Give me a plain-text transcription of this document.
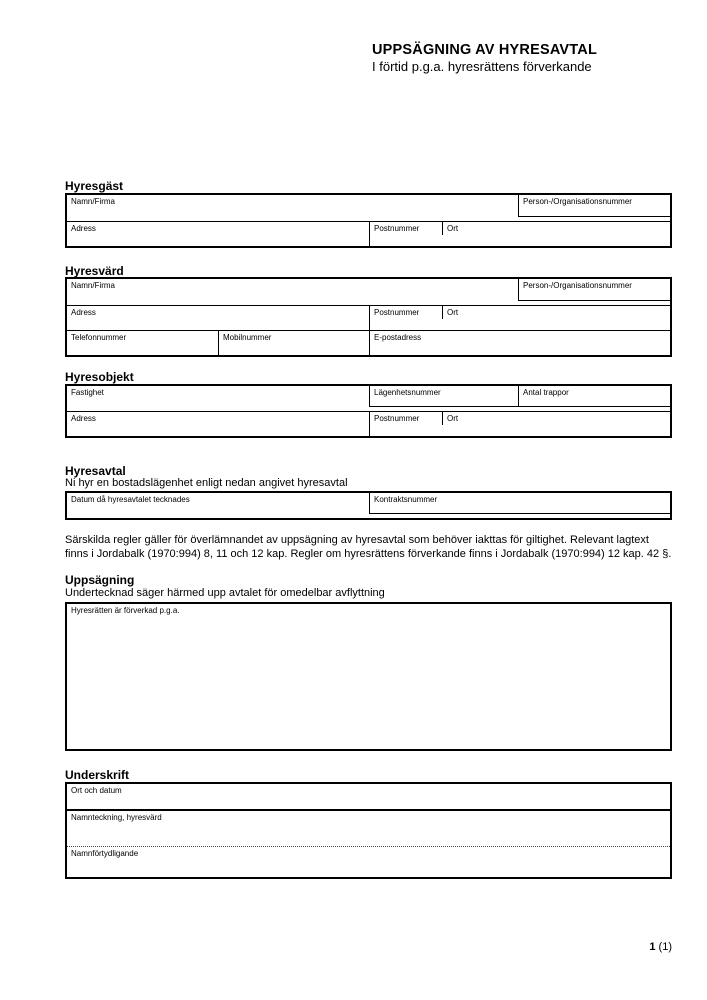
UPPSÄGNING AV HYRESAVTAL
I förtid p.g.a. hyresrättens förverkande
Hyresgäst
Namn/Firma	Person-/Organisationsnummer
Adress	Postnummer	Ort
Hyresvärd
Namn/Firma	Person-/Organisationsnummer
Adress	Postnummer	Ort
Telefonnummer	Mobilnummer	E-postadress
Hyresobjekt
Fastighet	Lägenhetsnummer	Antal trappor
Adress	Postnummer	Ort
Hyresavtal

Ni hyr en bostadslägenhet enligt nedan angivet hyresavtal

Datum då hyresavtalet tecknades	Kontraktsnummer

Särskilda regler gäller för överlämnandet av uppsägning av hyresavtal som behöver iakttas för giltighet. Relevant lagtext finns i Jordabalk (1970:994) 8, 11 och 12 kap. Regler om hyresrättens förverkande finns i Jordabalk (1970:994) 12 kap. 42 §.

Uppsägning

Undertecknad säger härmed upp avtalet för omedelbar avflyttning

Hyresrätten är förverkad p.g.a.
Underskrift
Ort och datum
Namnteckning, hyresvärd
Namnförtydligande
1 (1)
